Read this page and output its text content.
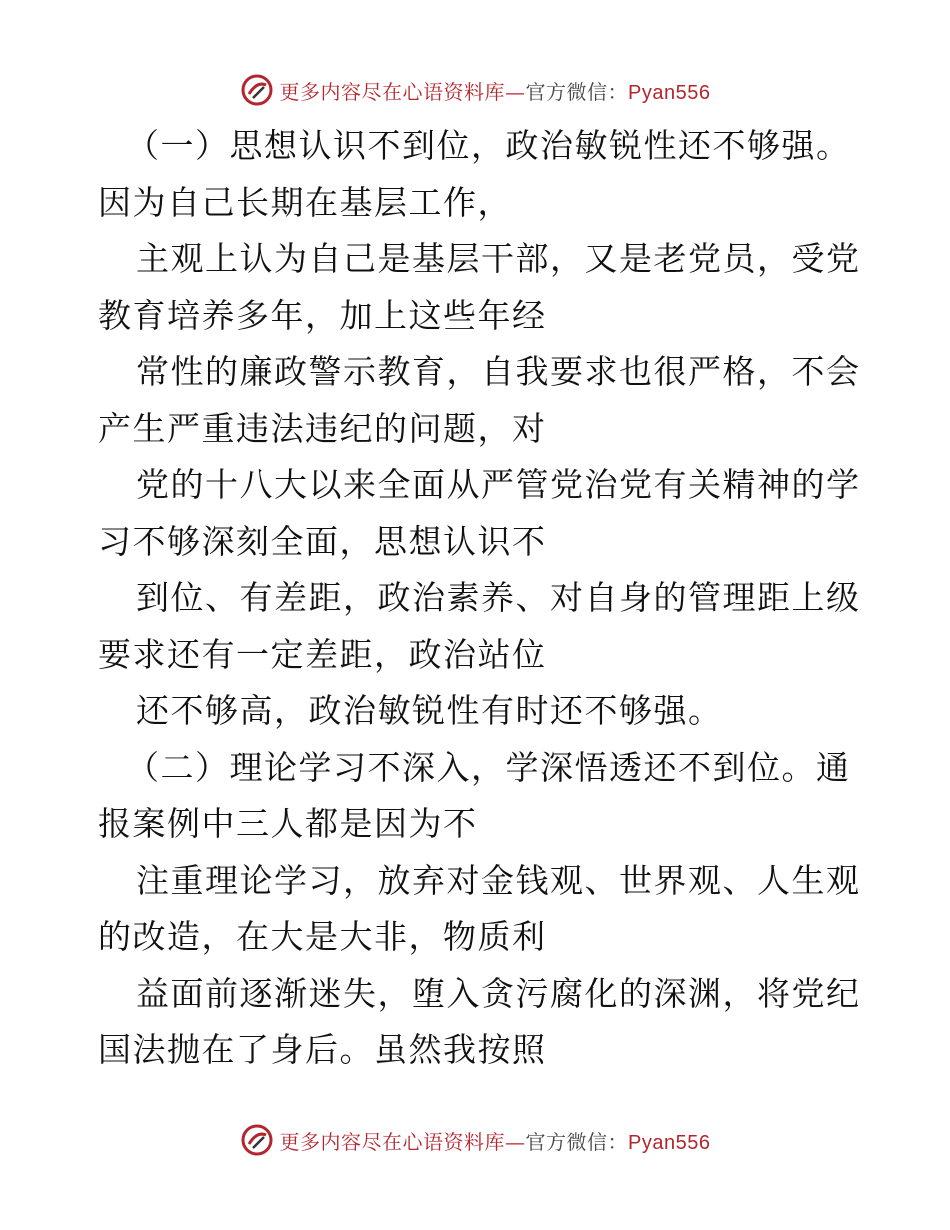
更多内容尽在心语资料库—官方微信：Pyan556
（一）思想认识不到位，政治敏锐性还不够强。
因为自己长期在基层工作，
主观上认为自己是基层干部，又是老党员，受党
教育培养多年，加上这些年经
常性的廉政警示教育，自我要求也很严格，不会
产生严重违法违纪的问题，对
党的十八大以来全面从严管党治党有关精神的学
习不够深刻全面，思想认识不
到位、有差距，政治素养、对自身的管理距上级
要求还有一定差距，政治站位
还不够高，政治敏锐性有时还不够强。
（二）理论学习不深入，学深悟透还不到位。通
报案例中三人都是因为不
注重理论学习，放弃对金钱观、世界观、人生观
的改造，在大是大非，物质利
益面前逐渐迷失，堕入贪污腐化的深渊，将党纪
国法抛在了身后。虽然我按照
更多内容尽在心语资料库—官方微信：Pyan556
